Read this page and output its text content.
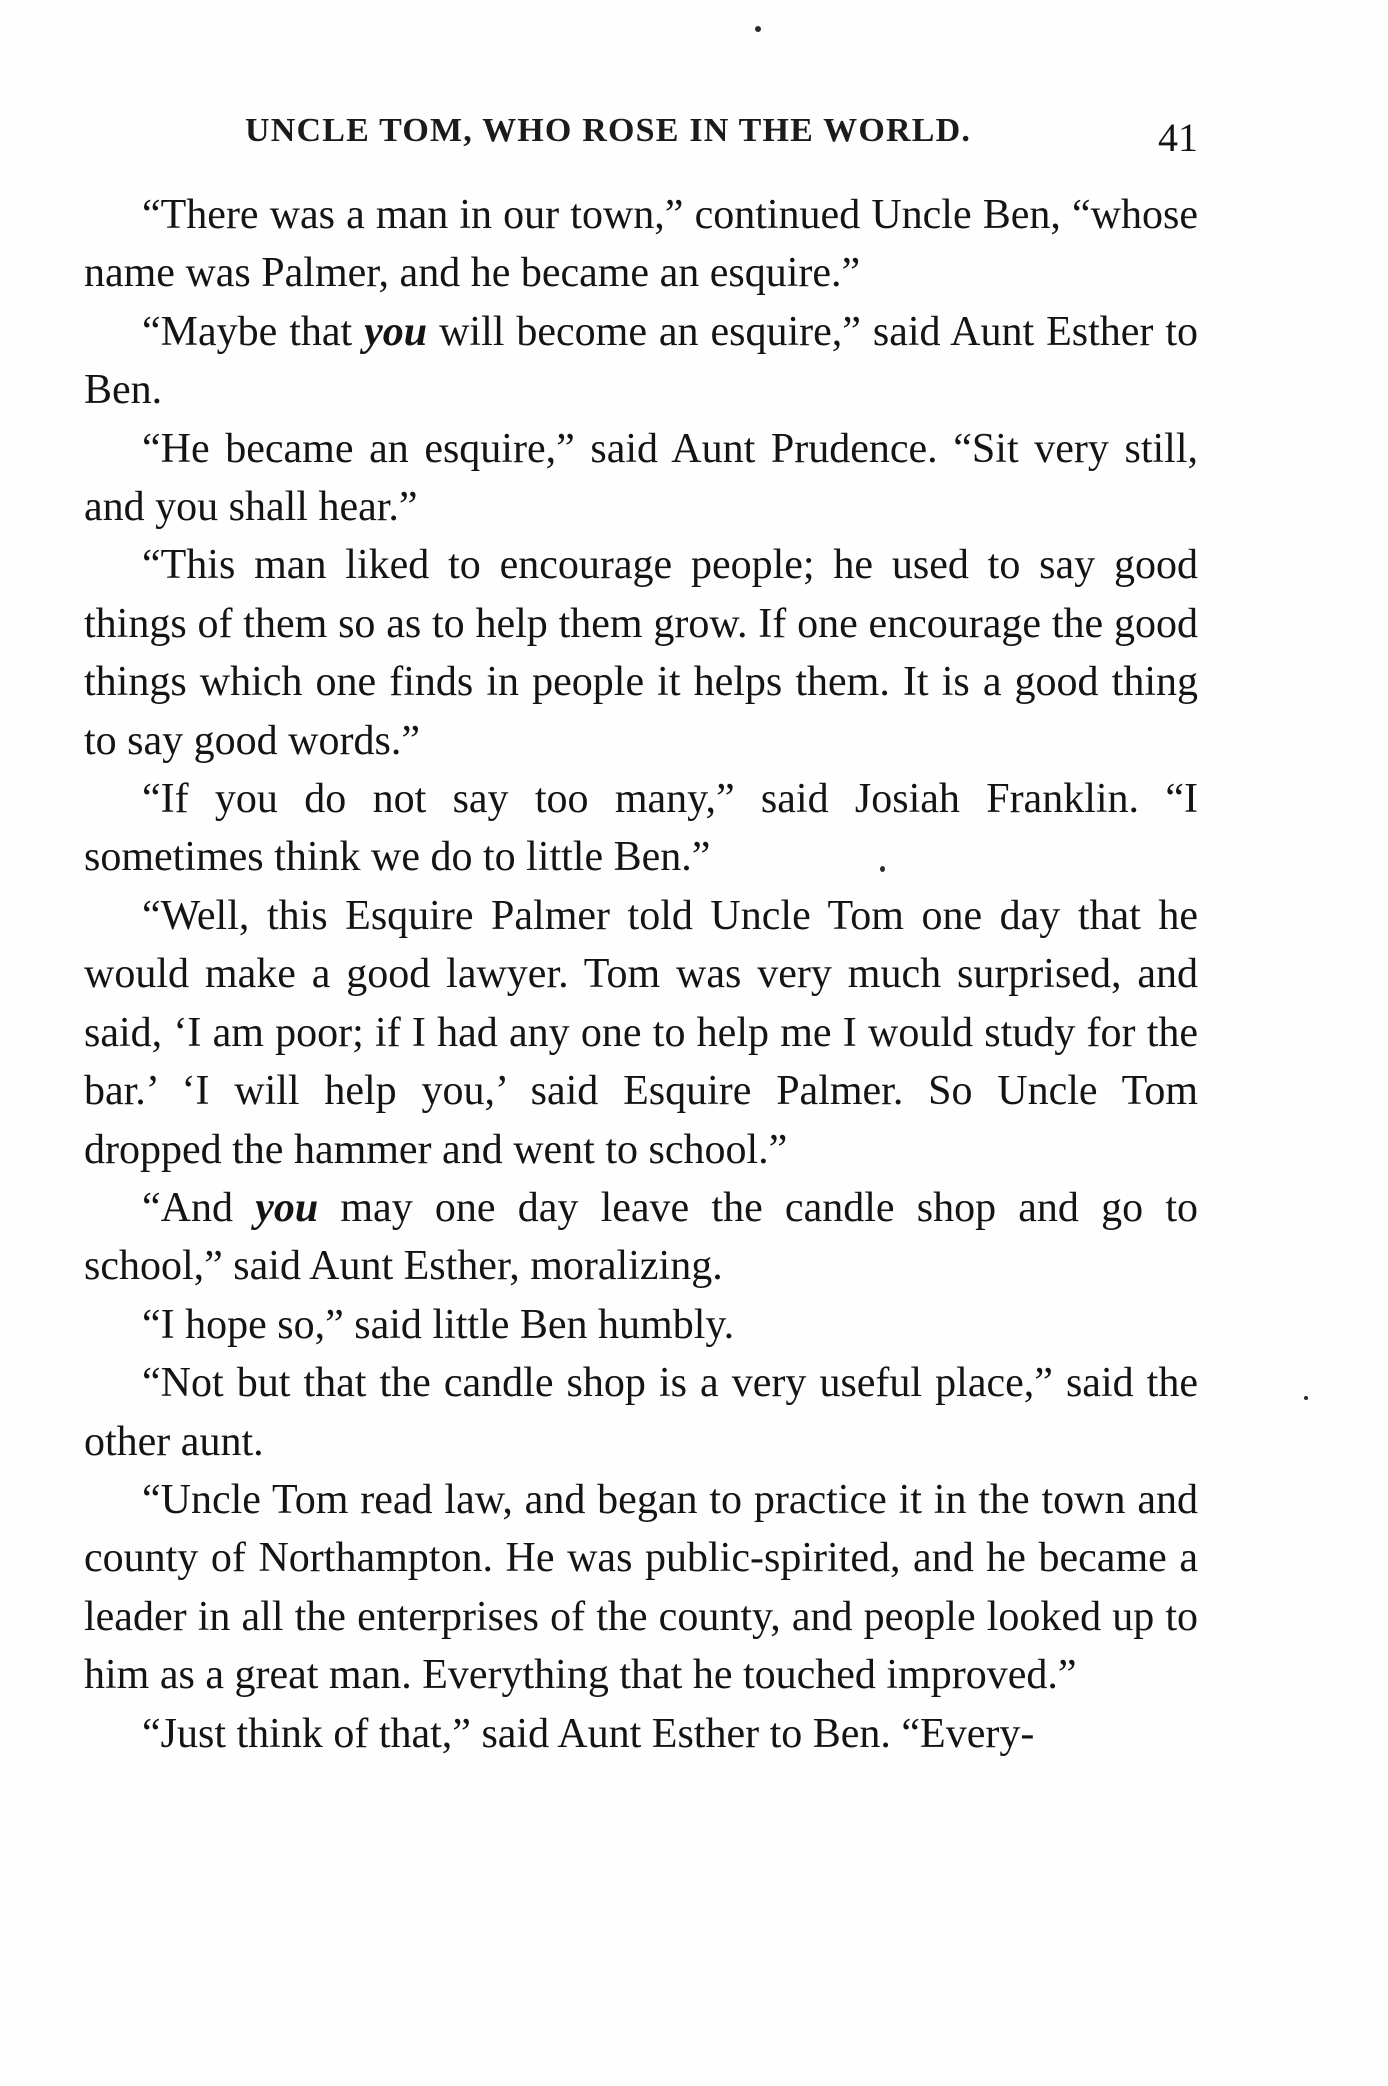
UNCLE TOM, WHO ROSE IN THE WORLD.	41

“There was a man in our town,” continued Uncle Ben, “whose name was Palmer, and he became an esquire.”

“Maybe that you will become an esquire,” said Aunt Esther to Ben.

“He became an esquire,” said Aunt Prudence. “Sit very still, and you shall hear.”

“This man liked to encourage people; he used to say good things of them so as to help them grow. If one encourage the good things which one finds in people it helps them. It is a good thing to say good words.”

“If you do not say too many,” said Josiah Franklin. “I sometimes think we do to little Ben.”

“Well, this Esquire Palmer told Uncle Tom one day that he would make a good lawyer. Tom was very much surprised, and said, ‘I am poor; if I had any one to help me I would study for the bar.’ ‘I will help you,’ said Esquire Palmer. So Uncle Tom dropped the hammer and went to school.”

“And you may one day leave the candle shop and go to school,” said Aunt Esther, moralizing.

“I hope so,” said little Ben humbly.

“Not but that the candle shop is a very useful place,” said the other aunt.

“Uncle Tom read law, and began to practice it in the town and county of Northampton. He was public-spirited, and he became a leader in all the enterprises of the county, and people looked up to him as a great man. Everything that he touched improved.”

“Just think of that,” said Aunt Esther to Ben. “Every-
